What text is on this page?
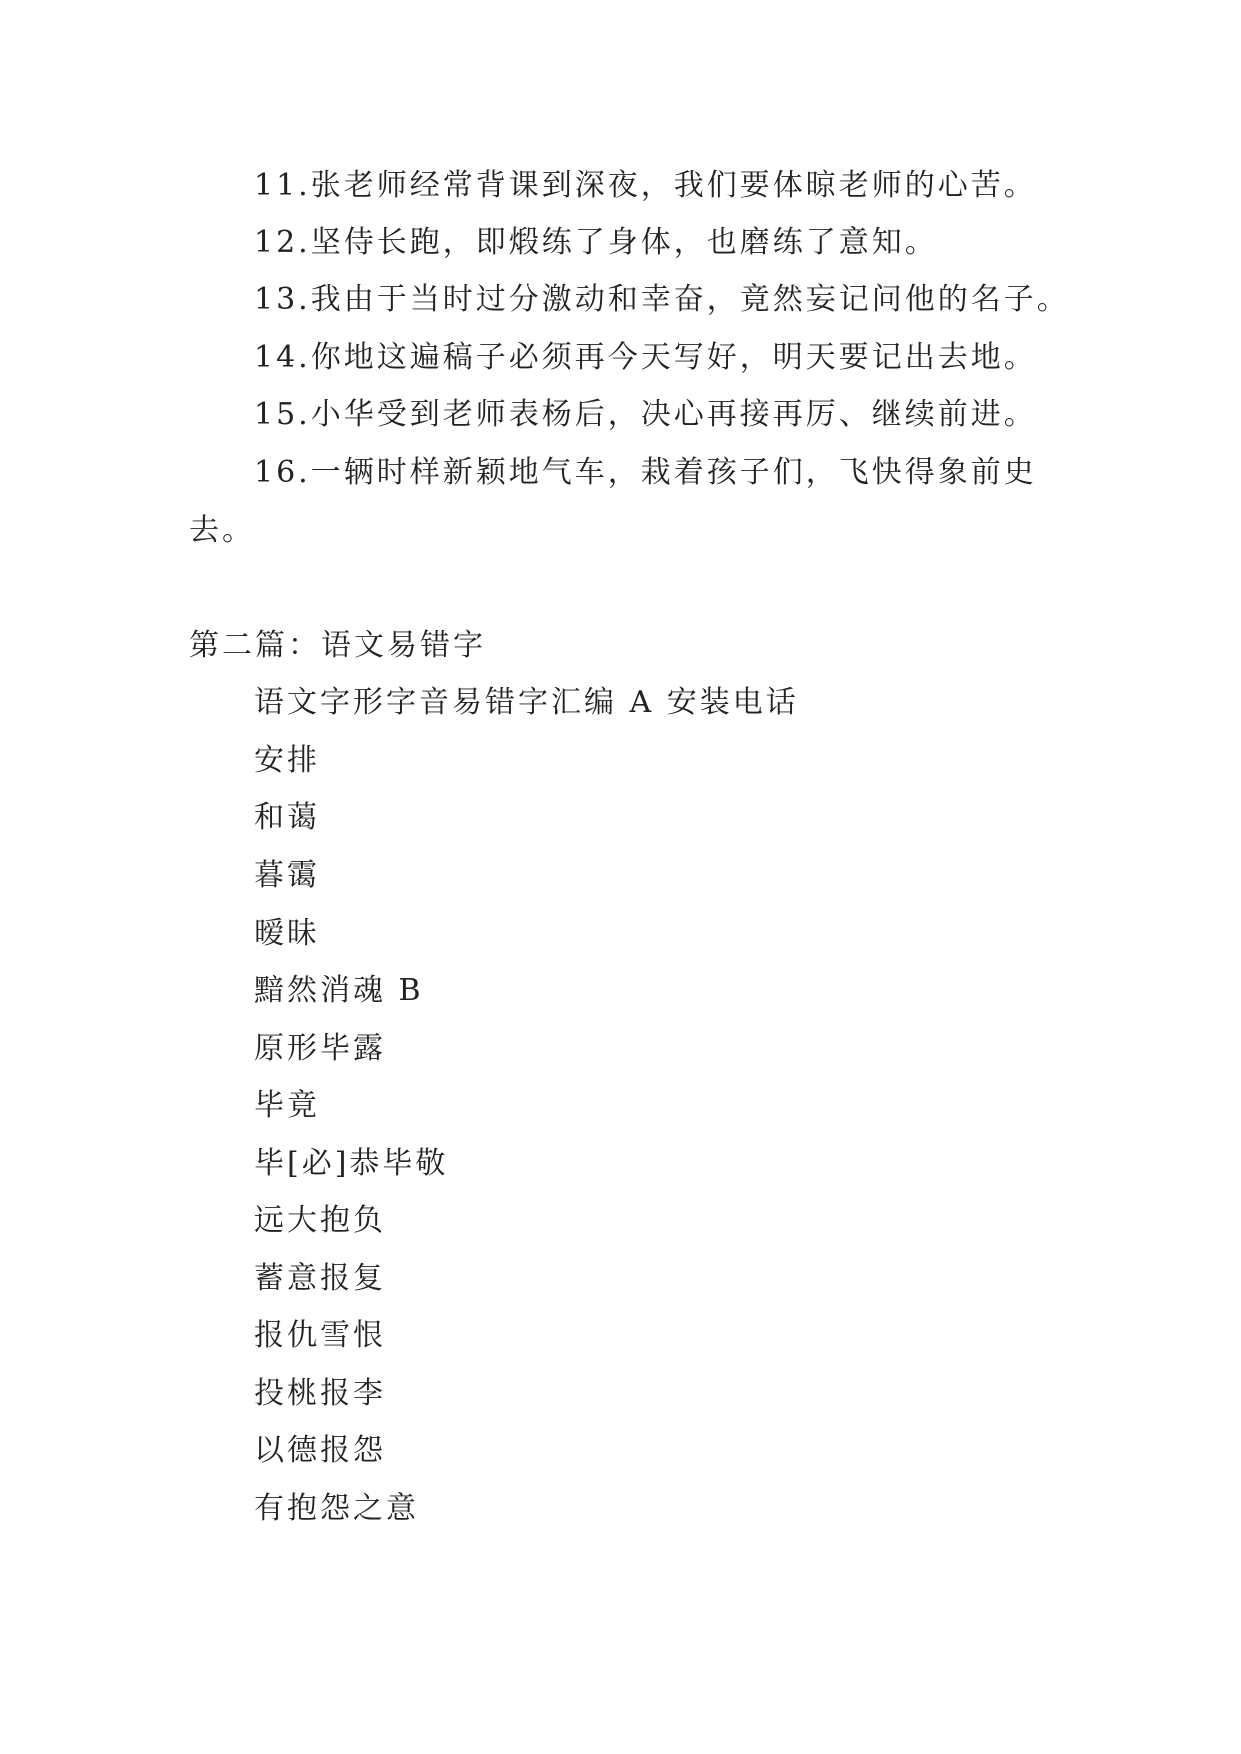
11.张老师经常背课到深夜，我们要体晾老师的心苦。
12.坚侍长跑，即煅练了身体，也磨练了意知。
13.我由于当时过分激动和幸奋，竟然妄记问他的名子。
14.你地这遍稿子必须再今天写好，明天要记出去地。
15.小华受到老师表杨后，决心再接再厉、继续前进。
16.一辆时样新颖地气车，栽着孩子们，飞快得象前史
去。
第二篇：语文易错字
语文字形字音易错字汇编 A 安装电话
安排
和蔼
暮霭
暧昧
黯然消魂 B
原形毕露
毕竟
毕[必]恭毕敬
远大抱负
蓄意报复
报仇雪恨
投桃报李
以德报怨
有抱怨之意
